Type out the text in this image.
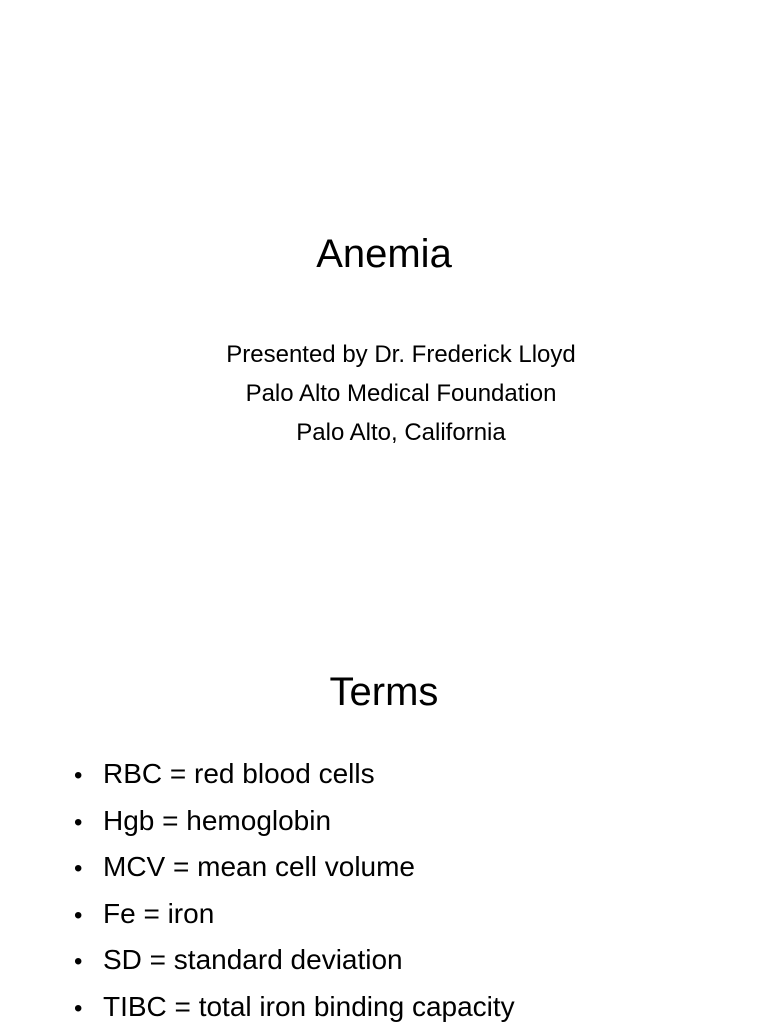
Anemia

Presented by Dr. Frederick Lloyd

Palo Alto Medical Foundation

Palo Alto, California

Terms
• RBC = red blood cells
• Hgb = hemoglobin
• MCV = mean cell volume
• Fe = iron
• SD = standard deviation
• TIBC = total iron binding capacity
